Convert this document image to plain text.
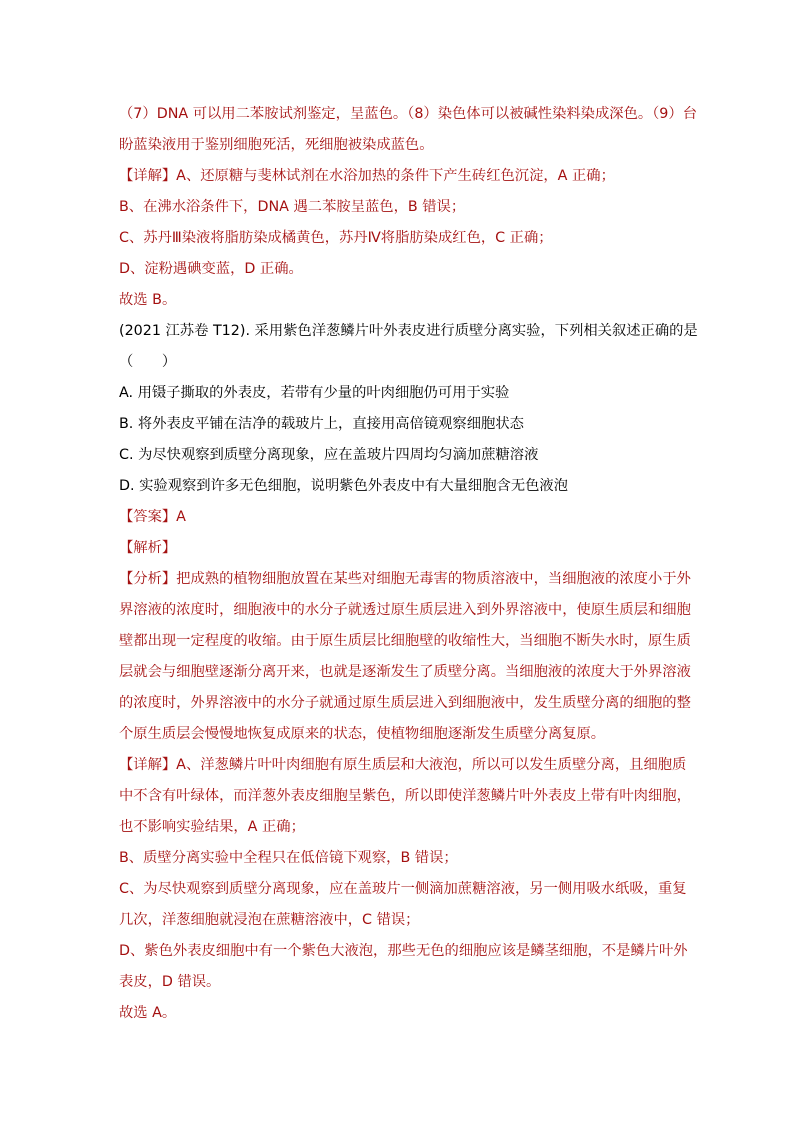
（7）DNA 可以用二苯胺试剂鉴定，呈蓝色。（8）染色体可以被碱性染料染成深色。（9）台
盼蓝染液用于鉴别细胞死活，死细胞被染成蓝色。
【详解】A、还原糖与斐林试剂在水浴加热的条件下产生砖红色沉淀，A 正确；
B、在沸水浴条件下，DNA 遇二苯胺呈蓝色，B 错误；
C、苏丹Ⅲ染液将脂肪染成橘黄色，苏丹Ⅳ将脂肪染成红色，C 正确；
D、淀粉遇碘变蓝，D 正确。
故选 B。
(2021 江苏卷 T12). 采用紫色洋葱鳞片叶外表皮进行质壁分离实验，下列相关叙述正确的是
（　　）
A. 用镊子撕取的外表皮，若带有少量的叶肉细胞仍可用于实验
B. 将外表皮平铺在洁净的载玻片上，直接用高倍镜观察细胞状态
C. 为尽快观察到质壁分离现象，应在盖玻片四周均匀滴加蔗糖溶液
D. 实验观察到许多无色细胞，说明紫色外表皮中有大量细胞含无色液泡
【答案】A
【解析】
【分析】把成熟的植物细胞放置在某些对细胞无毒害的物质溶液中，当细胞液的浓度小于外
界溶液的浓度时，细胞液中的水分子就透过原生质层进入到外界溶液中，使原生质层和细胞
壁都出现一定程度的收缩。由于原生质层比细胞壁的收缩性大，当细胞不断失水时，原生质
层就会与细胞壁逐渐分离开来，也就是逐渐发生了质壁分离。当细胞液的浓度大于外界溶液
的浓度时，外界溶液中的水分子就通过原生质层进入到细胞液中，发生质壁分离的细胞的整
个原生质层会慢慢地恢复成原来的状态，使植物细胞逐渐发生质壁分离复原。
【详解】A、洋葱鳞片叶叶肉细胞有原生质层和大液泡，所以可以发生质壁分离，且细胞质
中不含有叶绿体，而洋葱外表皮细胞呈紫色，所以即使洋葱鳞片叶外表皮上带有叶肉细胞，
也不影响实验结果，A 正确；
B、质壁分离实验中全程只在低倍镜下观察，B 错误；
C、为尽快观察到质壁分离现象，应在盖玻片一侧滴加蔗糖溶液，另一侧用吸水纸吸，重复
几次，洋葱细胞就浸泡在蔗糖溶液中，C 错误；
D、紫色外表皮细胞中有一个紫色大液泡，那些无色的细胞应该是鳞茎细胞，不是鳞片叶外
表皮，D 错误。
故选 A。
